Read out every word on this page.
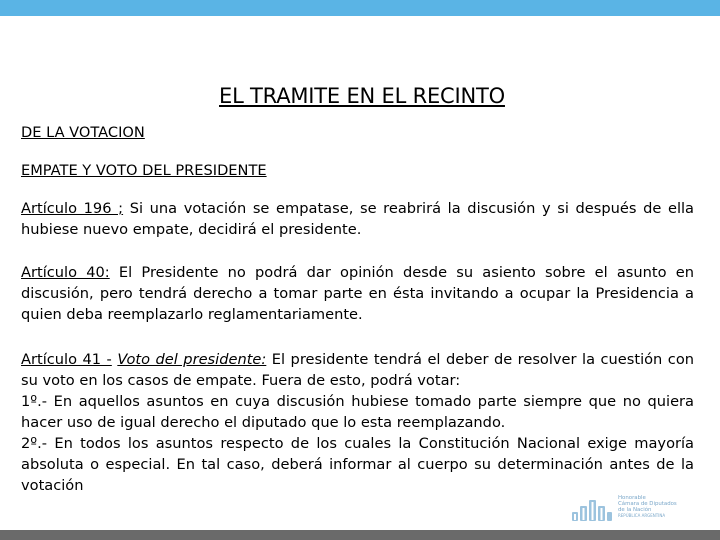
EL TRAMITE EN EL RECINTO

DE LA VOTACION

EMPATE Y VOTO DEL PRESIDENTE

Artículo 196 ; Si una votación se empatase, se reabrirá la discusión y si después de ella hubiese nuevo empate, decidirá el presidente.

Artículo 40: El Presidente no podrá dar opinión desde su asiento sobre el asunto en discusión, pero tendrá derecho a tomar parte en ésta invitando a ocupar la Presidencia a quien deba reemplazarlo reglamentariamente.

Artículo 41 - Voto del presidente: El presidente tendrá el deber de resolver la cuestión con su voto en los casos de empate. Fuera de esto, podrá votar:

1º.- En aquellos asuntos en cuya discusión hubiese tomado parte siempre que no quiera hacer uso de igual derecho el diputado que lo esta reemplazando.

2º.- En todos los asuntos respecto de los cuales la Constitución Nacional exige mayoría absoluta o especial. En tal caso, deberá informar al cuerpo su determinación antes de la votación

Honorable
Cámara de Diputados
de la Nación
REPÚBLICA ARGENTINA
